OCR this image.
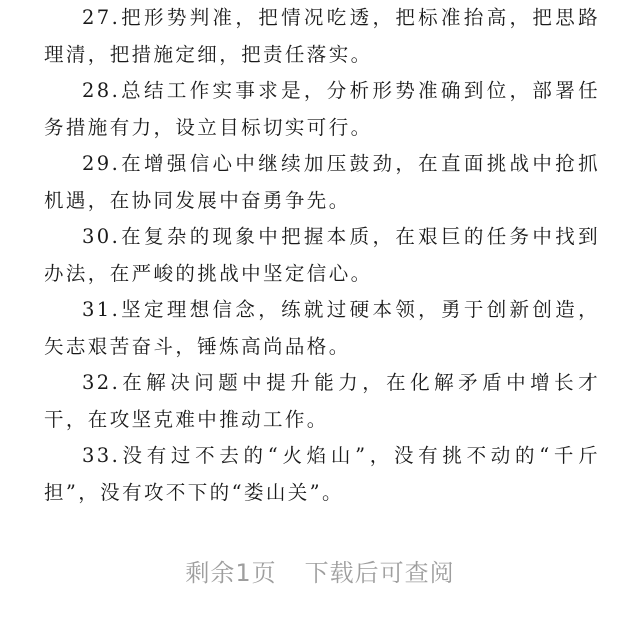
27.把形势判准，把情况吃透，把标准抬高，把思路理清，把措施定细，把责任落实。

28.总结工作实事求是，分析形势准确到位，部署任务措施有力，设立目标切实可行。

29.在增强信心中继续加压鼓劲，在直面挑战中抢抓机遇，在协同发展中奋勇争先。

30.在复杂的现象中把握本质，在艰巨的任务中找到办法，在严峻的挑战中坚定信心。

31.坚定理想信念，练就过硬本领，勇于创新创造，矢志艰苦奋斗，锤炼高尚品格。

32.在解决问题中提升能力，在化解矛盾中增长才干，在攻坚克难中推动工作。

33.没有过不去的“火焰山”，没有挑不动的“千斤担”，没有攻不下的“娄山关”。

剩余1页 下载后可查阅
